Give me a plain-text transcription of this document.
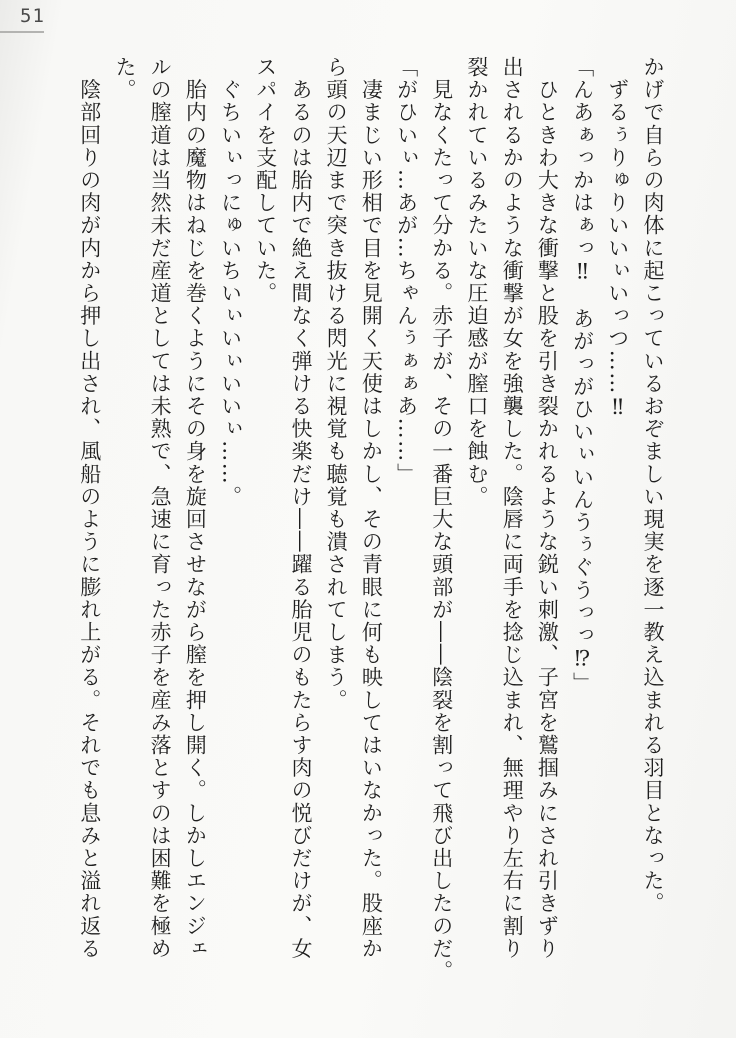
51

かげで自らの肉体に起こっているおぞましい現実を逐一教え込まれる羽目となった。

　ずるぅりゅりいいぃいっつ……‼

「んあぁっかはぁっ‼　あがっがひいぃいんうぅぐうっっ⁉」

　ひときわ大きな衝撃と股を引き裂かれるような鋭い刺激、子宮を鷲掴みにされ引きずり

出されるかのような衝撃が女を強襲した。陰唇に両手を捻じ込まれ、無理やり左右に割り

裂かれているみたいな圧迫感が膣口を蝕む。

　見なくたって分かる。赤子が、その一番巨大な頭部が――陰裂を割って飛び出したのだ。

「がひいぃ…あが…ちゃんぅぁぁあ……」

　凄まじい形相で目を見開く天使はしかし、その青眼に何も映してはいなかった。股座か

ら頭の天辺まで突き抜ける閃光に視覚も聴覚も潰されてしまう。

　あるのは胎内で絶え間なく弾ける快楽だけ――躍る胎児のもたらす肉の悦びだけが、女

スパイを支配していた。

　ぐちいぃっにゅいちいぃいぃいいぃ……。

　胎内の魔物はねじを巻くようにその身を旋回させながら膣を押し開く。しかしエンジェ

ルの膣道は当然未だ産道としては未熟で、急速に育った赤子を産み落とすのは困難を極め

た。

　陰部回りの肉が内から押し出され、風船のように膨れ上がる。それでも息みと溢れ返る
